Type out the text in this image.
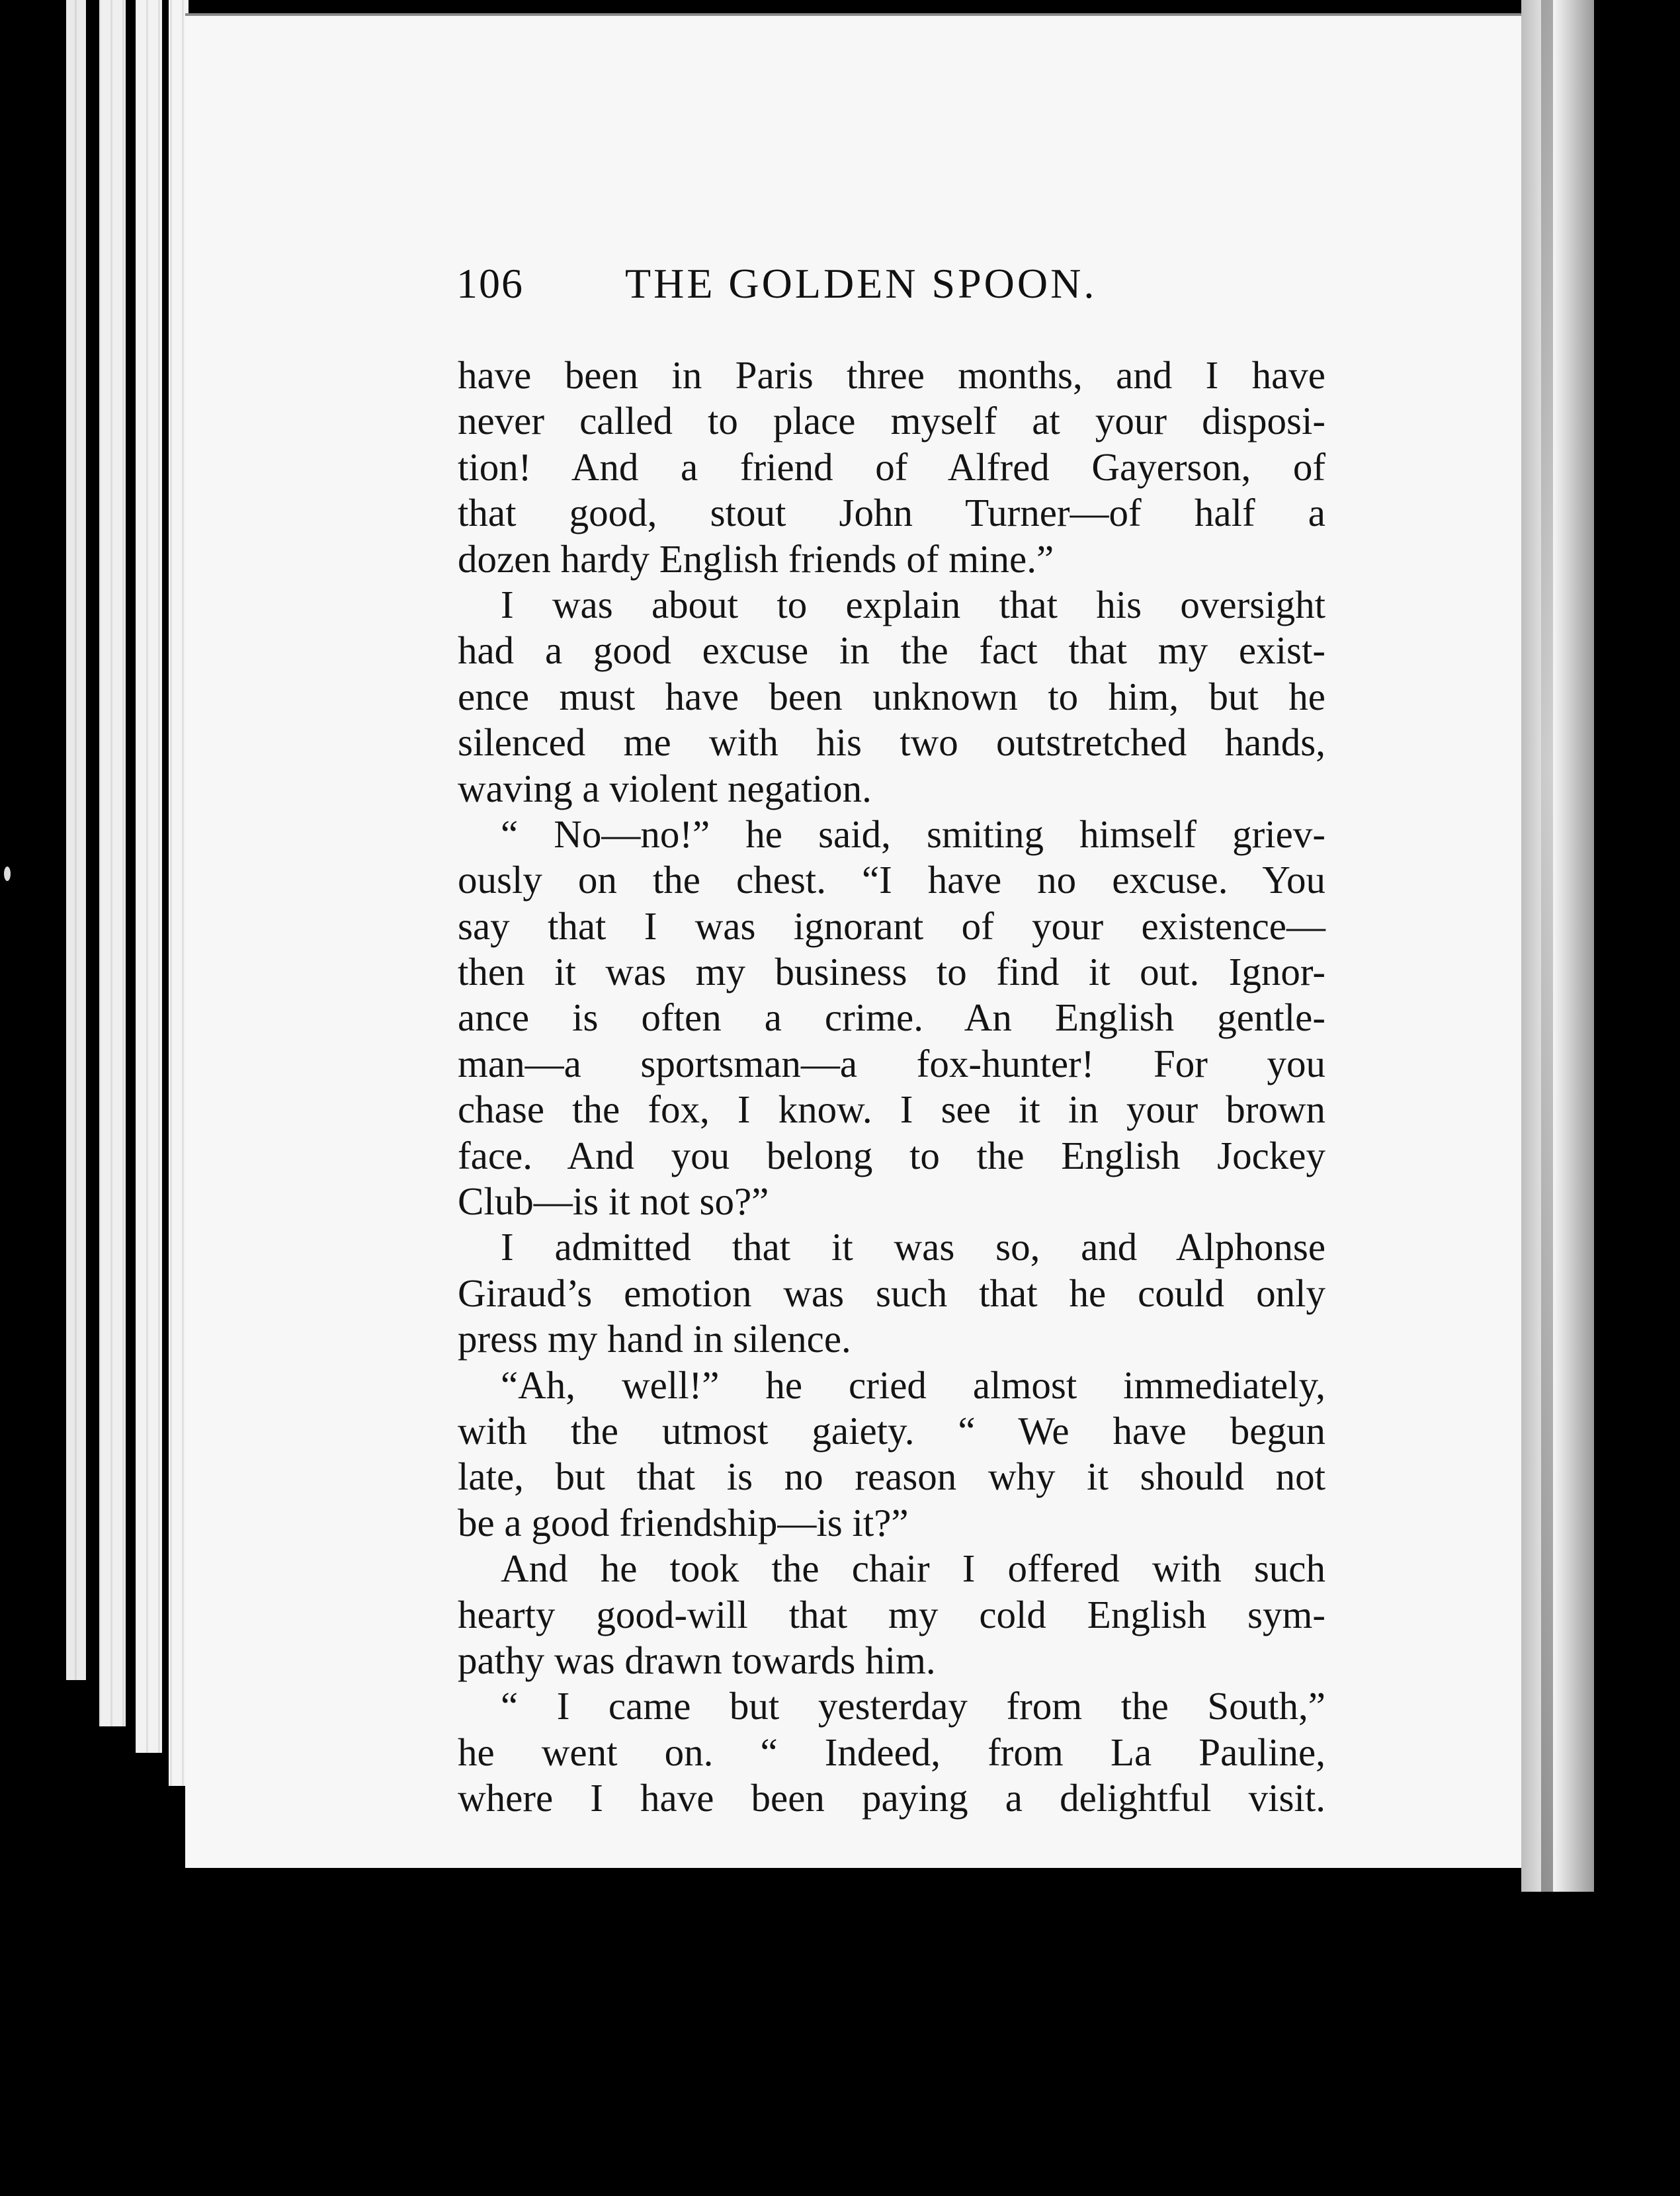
106 THE GOLDEN SPOON.
have been in Paris three months, and I have
never called to place myself at your disposi-
tion! And a friend of Alfred Gayerson, of
that good, stout John Turner—of half a
dozen hardy English friends of mine.”
I was about to explain that his oversight
had a good excuse in the fact that my exist-
ence must have been unknown to him, but he
silenced me with his two outstretched hands,
waving a violent negation.
“ No—no!” he said, smiting himself griev-
ously on the chest. “I have no excuse. You
say that I was ignorant of your existence—
then it was my business to find it out. Ignor-
ance is often a crime. An English gentle-
man—a sportsman—a fox-hunter! For you
chase the fox, I know. I see it in your brown
face. And you belong to the English Jockey
Club—is it not so?”
I admitted that it was so, and Alphonse
Giraud’s emotion was such that he could only
press my hand in silence.
“Ah, well!” he cried almost immediately,
with the utmost gaiety. “ We have begun
late, but that is no reason why it should not
be a good friendship—is it?”
And he took the chair I offered with such
hearty good-will that my cold English sym-
pathy was drawn towards him.
“ I came but yesterday from the South,”
he went on. “ Indeed, from La Pauline,
where I have been paying a delightful visit.
